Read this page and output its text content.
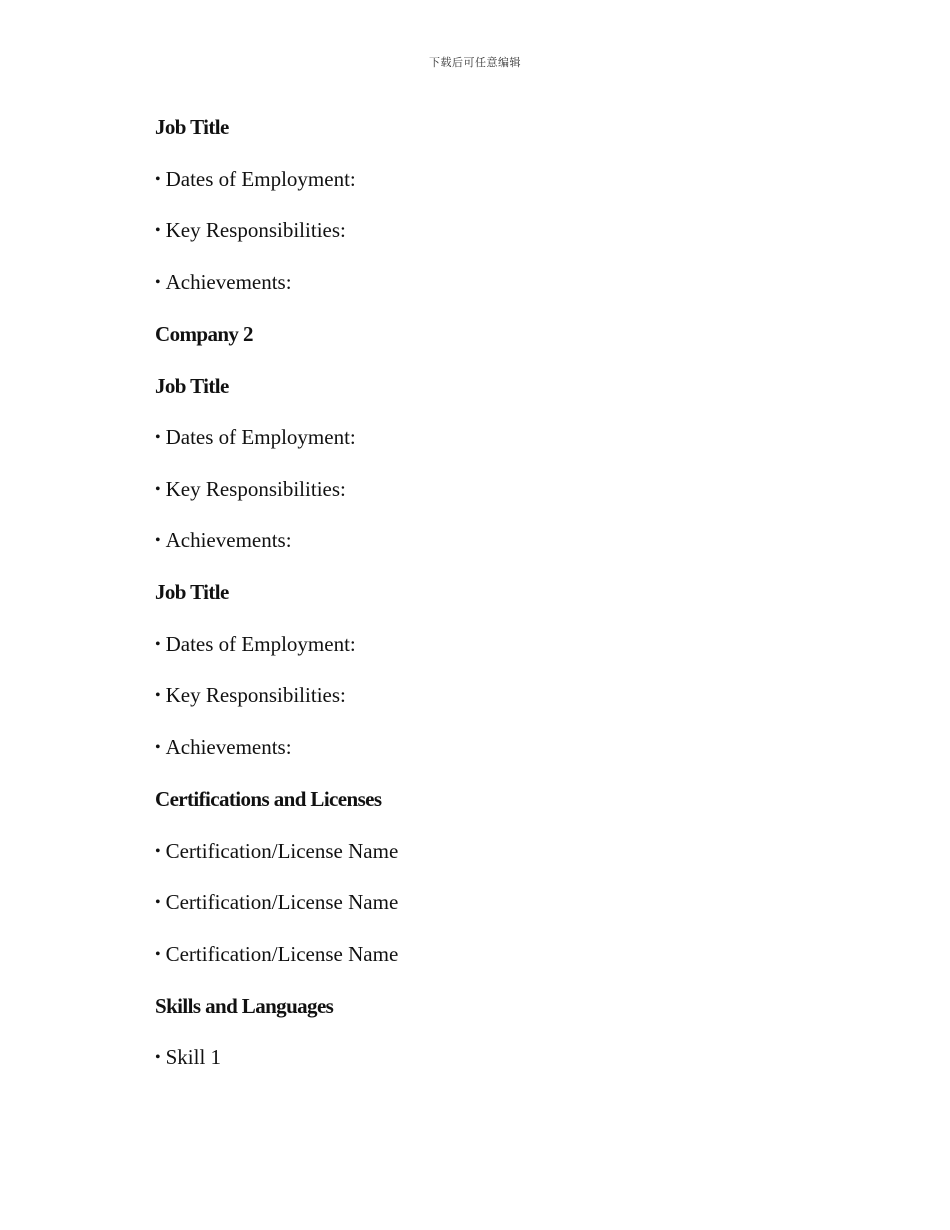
下载后可任意编辑
Job Title
• Dates of Employment:
• Key Responsibilities:
• Achievements:
Company 2
Job Title
• Dates of Employment:
• Key Responsibilities:
• Achievements:
Job Title
• Dates of Employment:
• Key Responsibilities:
• Achievements:
Certifications and Licenses
• Certification/License Name
• Certification/License Name
• Certification/License Name
Skills and Languages
• Skill 1
